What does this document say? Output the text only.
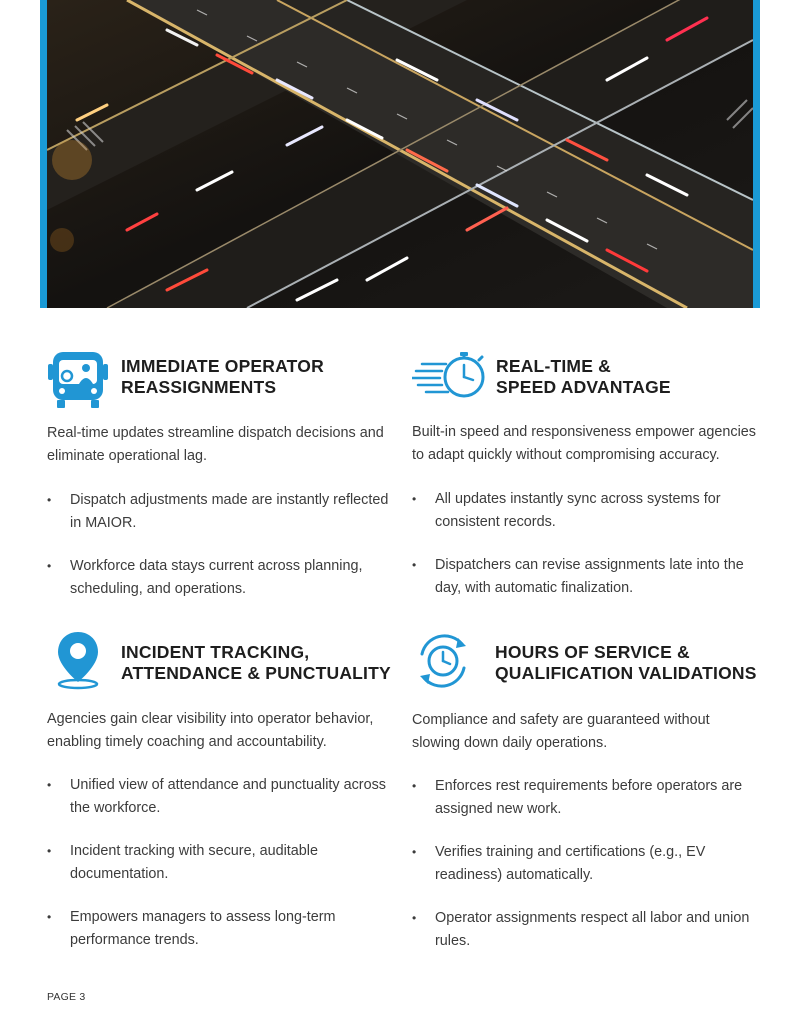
IMMEDIATE OPERATOR
REASSIGNMENTS
Real-time updates streamline dispatch decisions and eliminate operational lag.
• Dispatch adjustments made are instantly reflected in MAIOR.
• Workforce data stays current across planning, scheduling, and operations.
REAL-TIME &
SPEED ADVANTAGE
Built-in speed and responsiveness empower agencies to adapt quickly without compromising accuracy.
• All updates instantly sync across systems for consistent records.
• Dispatchers can revise assignments late into the day, with automatic finalization.
INCIDENT TRACKING,
ATTENDANCE & PUNCTUALITY
Agencies gain clear visibility into operator behavior, enabling timely coaching and accountability.
• Unified view of attendance and punctuality across the workforce.
• Incident tracking with secure, auditable documentation.
• Empowers managers to assess long-term performance trends.
HOURS OF SERVICE &
QUALIFICATION VALIDATIONS
Compliance and safety are guaranteed without slowing down daily operations.
• Enforces rest requirements before operators are assigned new work.
• Verifies training and certifications (e.g., EV readiness) automatically.
• Operator assignments respect all labor and union rules.
PAGE 3
